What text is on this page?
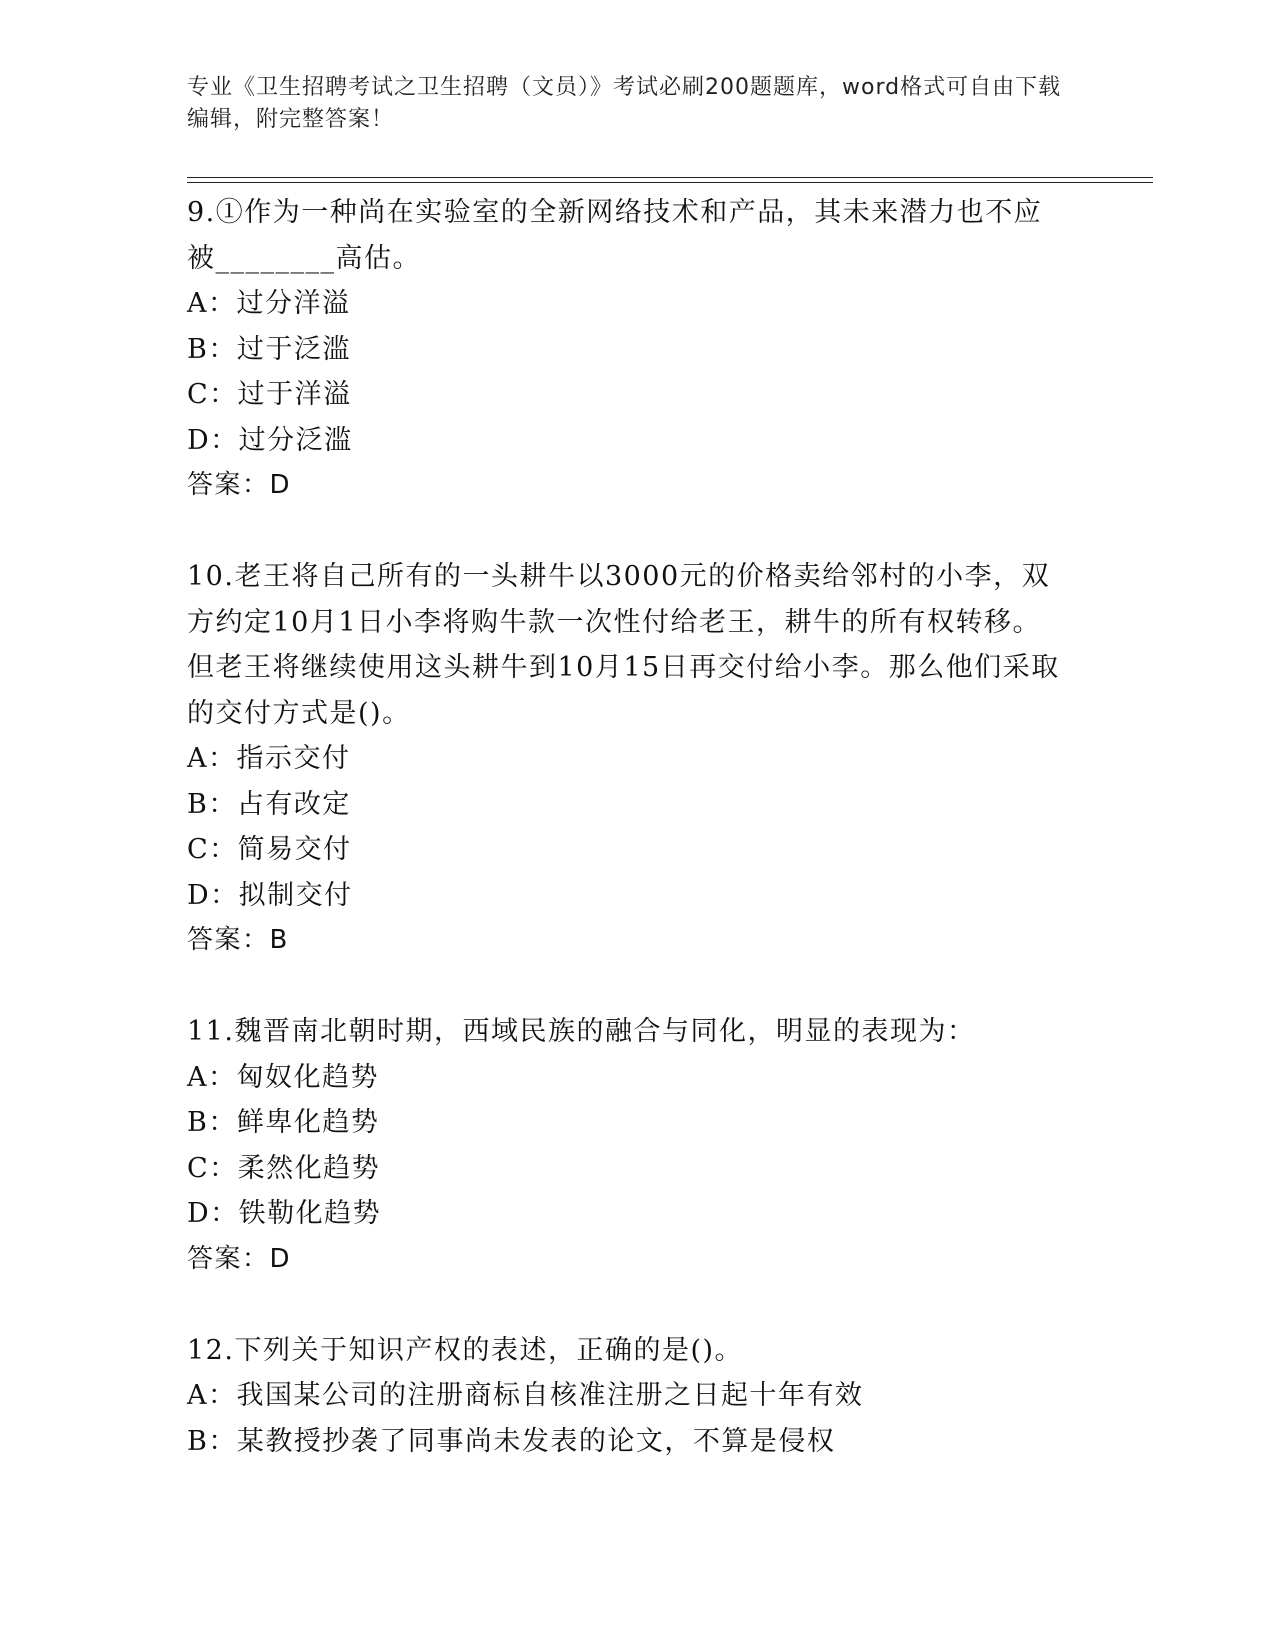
专业《卫生招聘考试之卫生招聘（文员）》考试必刷200题题库，word格式可自由下载编辑，附完整答案！

9.①作为一种尚在实验室的全新网络技术和产品，其未来潜力也不应被________高估。

A：过分洋溢

B：过于泛滥

C：过于洋溢

D：过分泛滥

答案：D

10.老王将自己所有的一头耕牛以3000元的价格卖给邻村的小李，双方约定10月1日小李将购牛款一次性付给老王，耕牛的所有权转移。但老王将继续使用这头耕牛到10月15日再交付给小李。那么他们采取的交付方式是()。

A：指示交付

B：占有改定

C：简易交付

D：拟制交付

答案：B

11.魏晋南北朝时期，西域民族的融合与同化，明显的表现为：

A：匈奴化趋势

B：鲜卑化趋势

C：柔然化趋势

D：铁勒化趋势

答案：D

12.下列关于知识产权的表述，正确的是()。

A：我国某公司的注册商标自核准注册之日起十年有效

B：某教授抄袭了同事尚未发表的论文，不算是侵权
